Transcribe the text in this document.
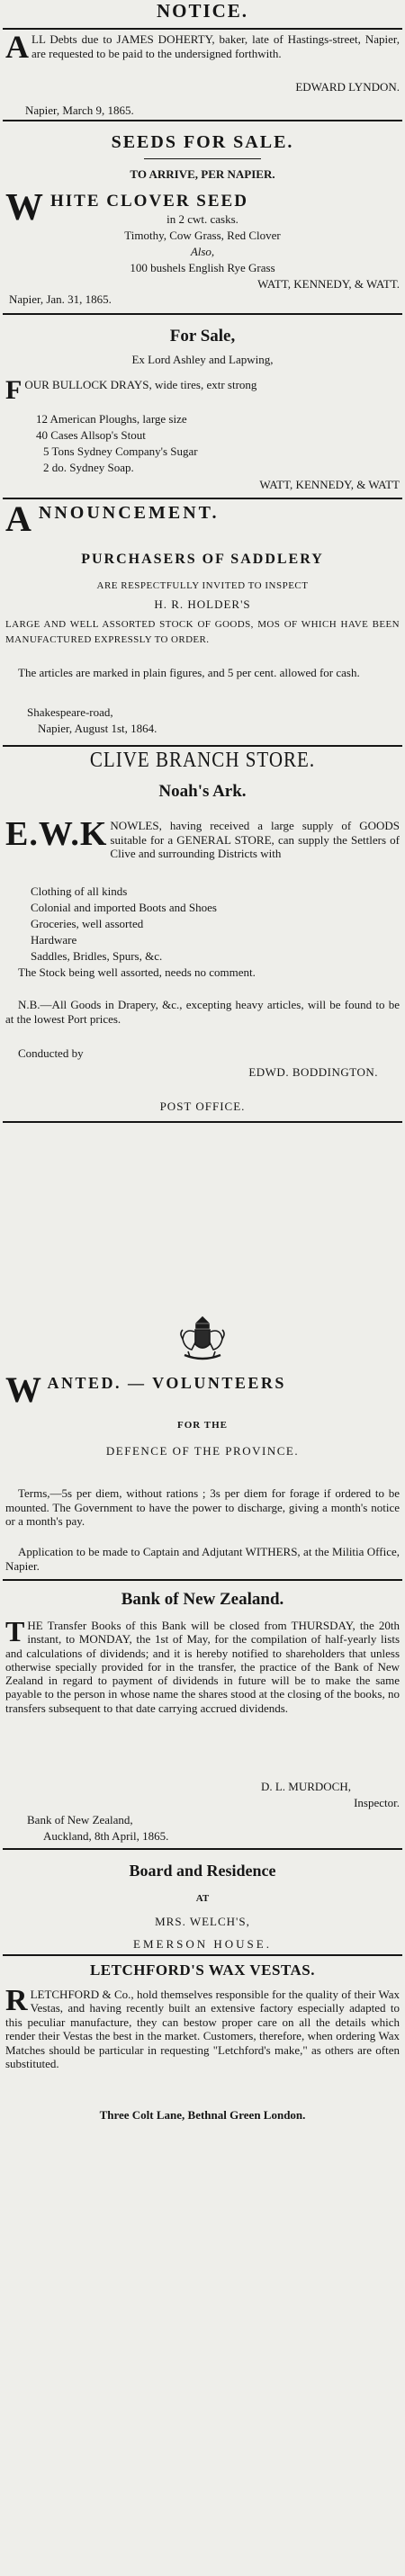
NOTICE.

ALL Debts due to JAMES DOHERTY, baker, late of Hastings-street, Napier, are requested to be paid to the undersigned forthwith.

EDWARD LYNDON.
Napier, March 9, 1865.
SEEDS FOR SALE.
TO ARRIVE, PER NAPIER.
WHITE CLOVER SEED
in 2 cwt. casks.
Timothy, Cow Grass, Red Clover
Also,
100 bushels English Rye Grass
WATT, KENNEDY, & WATT.
Napier, Jan. 31, 1865.
For Sale,
Ex Lord Ashley and Lapwing,

FOUR BULLOCK DRAYS, wide tires, extr strong

12 American Ploughs, large size
40 Cases Allsop's Stout
5 Tons Sydney Company's Sugar
2 do. Sydney Soap.
WATT, KENNEDY, & WATT
ANNOUNCEMENT.
PURCHASERS OF SADDLERY
ARE RESPECTFULLY INVITED TO INSPECT
H. R. HOLDER'S

LARGE AND WELL ASSORTED STOCK OF GOODS, MOS OF WHICH HAVE BEEN MANUFACTURED EXPRESSLY TO ORDER.

The articles are marked in plain figures, and 5 per cent. allowed for cash.

Shakespeare-road,
Napier, August 1st, 1864.
CLIVE BRANCH STORE.
Noah's Ark.

E.W.K NOWLES, having received a large supply of GOODS suitable for a GENERAL STORE, can supply the Settlers of Clive and surrounding Districts with

Clothing of all kinds
Colonial and imported Boots and Shoes
Groceries, well assorted
Hardware
Saddles, Bridles, Spurs, &c.

The Stock being well assorted, needs no comment.

N.B.—All Goods in Drapery, &c., excepting heavy articles, will be found to be at the lowest Port prices.

Conducted by
EDWD. BODDINGTON.
POST OFFICE.
WANTED. — VOLUNTEERS
FOR THE
DEFENCE OF THE PROVINCE.

Terms,—5s per diem, without rations ; 3s per diem for forage if ordered to be mounted. The Government to have the power to discharge, giving a month's notice or a month's pay.

Application to be made to Captain and Adjutant WITHERS, at the Militia Office, Napier.

Bank of New Zealand.

THE Transfer Books of this Bank will be closed from THURSDAY, the 20th instant, to MONDAY, the 1st of May, for the compilation of half-yearly lists and calculations of dividends; and it is hereby notified to shareholders that unless otherwise specially provided for in the transfer, the practice of the Bank of New Zealand in regard to payment of dividends in future will be to make the same payable to the person in whose name the shares stood at the closing of the books, no transfers subsequent to that date carrying accrued dividends.

D. L. MURDOCH,
Inspector.
Bank of New Zealand,
Auckland, 8th April, 1865.
Board and Residence
AT
MRS. WELCH'S,
EMERSON HOUSE.
LETCHFORD'S WAX VESTAS.

RLETCHFORD & Co., hold themselves responsible for the quality of their Wax Vestas, and having recently built an extensive factory especially adapted to this peculiar manufacture, they can bestow proper care on all the details which render their Vestas the best in the market. Customers, therefore, when ordering Wax Matches should be particular in requesting "Letchford's make," as others are often substituted.

Three Colt Lane, Bethnal Green London.
